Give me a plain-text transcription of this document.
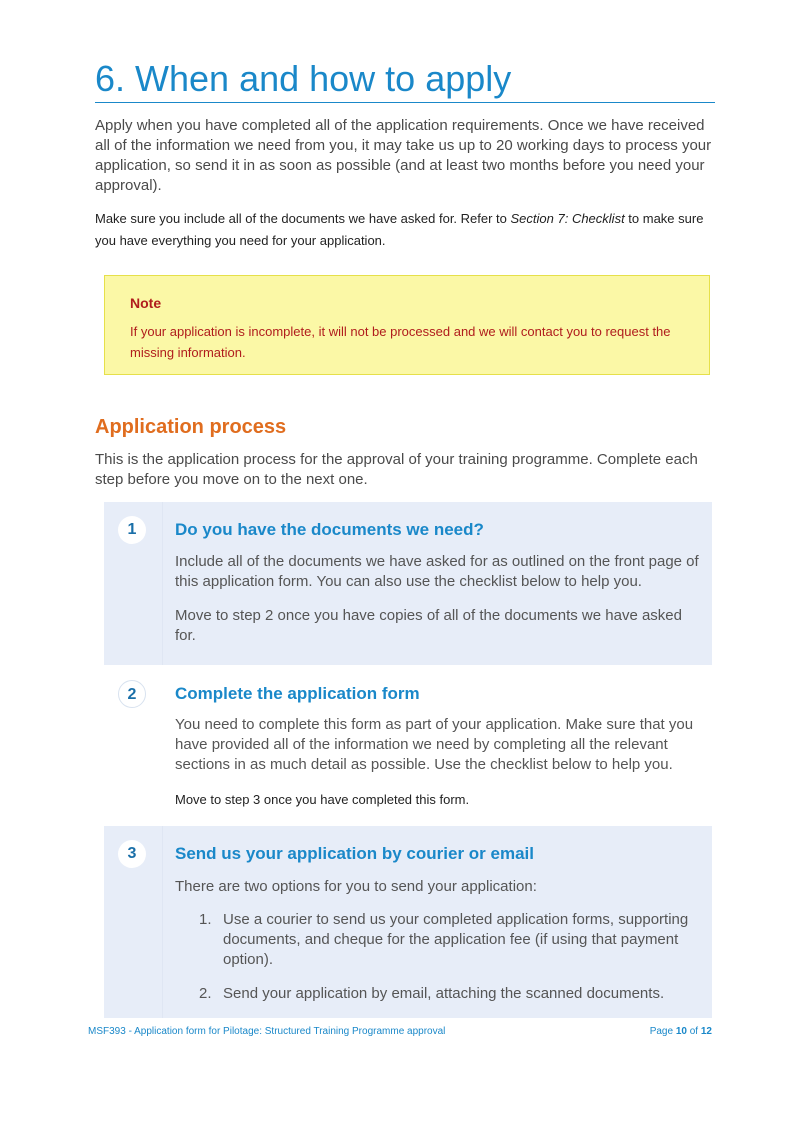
6. When and how to apply
Apply when you have completed all of the application requirements. Once we have received all of the information we need from you, it may take us up to 20 working days to process your application, so send it in as soon as possible (and at least two months before you need your approval).
Make sure you include all of the documents we have asked for. Refer to Section 7: Checklist to make sure you have everything you need for your application.
Note
If your application is incomplete, it will not be processed and we will contact you to request the missing information.
Application process
This is the application process for the approval of your training programme. Complete each step before you move on to the next one.
1	Do you have the documents we need?
Include all of the documents we have asked for as outlined on the front page of this application form. You can also use the checklist below to help you.
Move to step 2 once you have copies of all of the documents we have asked for.
2	Complete the application form
You need to complete this form as part of your application. Make sure that you have provided all of the information we need by completing all the relevant sections in as much detail as possible. Use the checklist below to help you.
Move to step 3 once you have completed this form.
3	Send us your application by courier or email
There are two options for you to send your application:
1. Use a courier to send us your completed application forms, supporting documents, and cheque for the application fee (if using that payment option).
2. Send your application by email, attaching the scanned documents.
MSF393 - Application form for Pilotage: Structured Training Programme approval	Page 10 of 12
